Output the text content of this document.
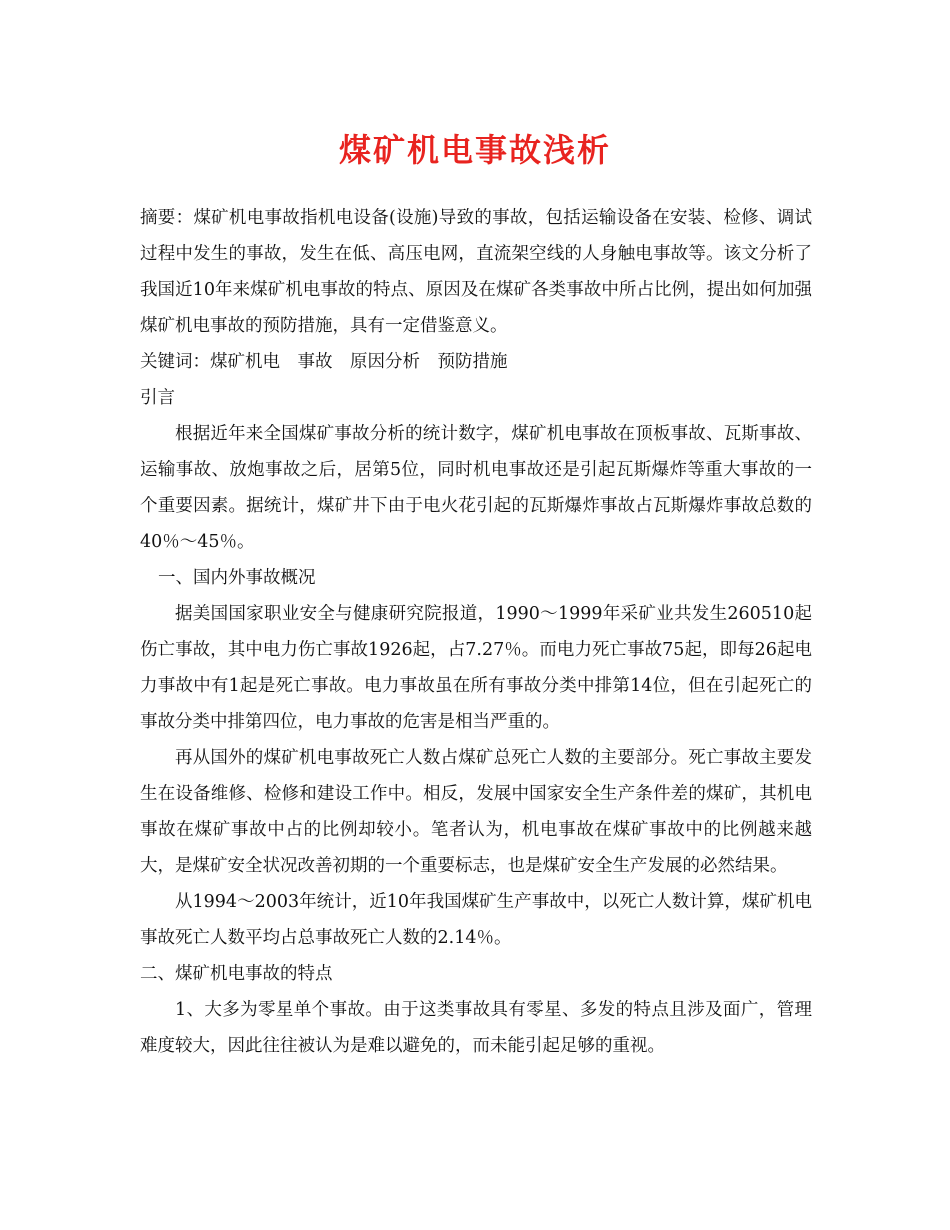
煤矿机电事故浅析

摘要：煤矿机电事故指机电设备(设施)导致的事故，包括运输设备在安装、检修、调试过程中发生的事故，发生在低、高压电网，直流架空线的人身触电事故等。该文分析了我国近10年来煤矿机电事故的特点、原因及在煤矿各类事故中所占比例，提出如何加强煤矿机电事故的预防措施，具有一定借鉴意义。

关键词：煤矿机电　事故　原因分析　预防措施

引言

根据近年来全国煤矿事故分析的统计数字，煤矿机电事故在顶板事故、瓦斯事故、运输事故、放炮事故之后，居第5位，同时机电事故还是引起瓦斯爆炸等重大事故的一个重要因素。据统计，煤矿井下由于电火花引起的瓦斯爆炸事故占瓦斯爆炸事故总数的40％～45％。

一、国内外事故概况

据美国国家职业安全与健康研究院报道，1990～1999年采矿业共发生260510起伤亡事故，其中电力伤亡事故1926起，占7.27％。而电力死亡事故75起，即每26起电力事故中有1起是死亡事故。电力事故虽在所有事故分类中排第14位，但在引起死亡的事故分类中排第四位，电力事故的危害是相当严重的。

再从国外的煤矿机电事故死亡人数占煤矿总死亡人数的主要部分。死亡事故主要发生在设备维修、检修和建设工作中。相反，发展中国家安全生产条件差的煤矿，其机电事故在煤矿事故中占的比例却较小。笔者认为，机电事故在煤矿事故中的比例越来越大，是煤矿安全状况改善初期的一个重要标志，也是煤矿安全生产发展的必然结果。

从1994～2003年统计，近10年我国煤矿生产事故中，以死亡人数计算，煤矿机电事故死亡人数平均占总事故死亡人数的2.14％。

二、煤矿机电事故的特点

1、大多为零星单个事故。由于这类事故具有零星、多发的特点且涉及面广，管理难度较大，因此往往被认为是难以避免的，而未能引起足够的重视。
